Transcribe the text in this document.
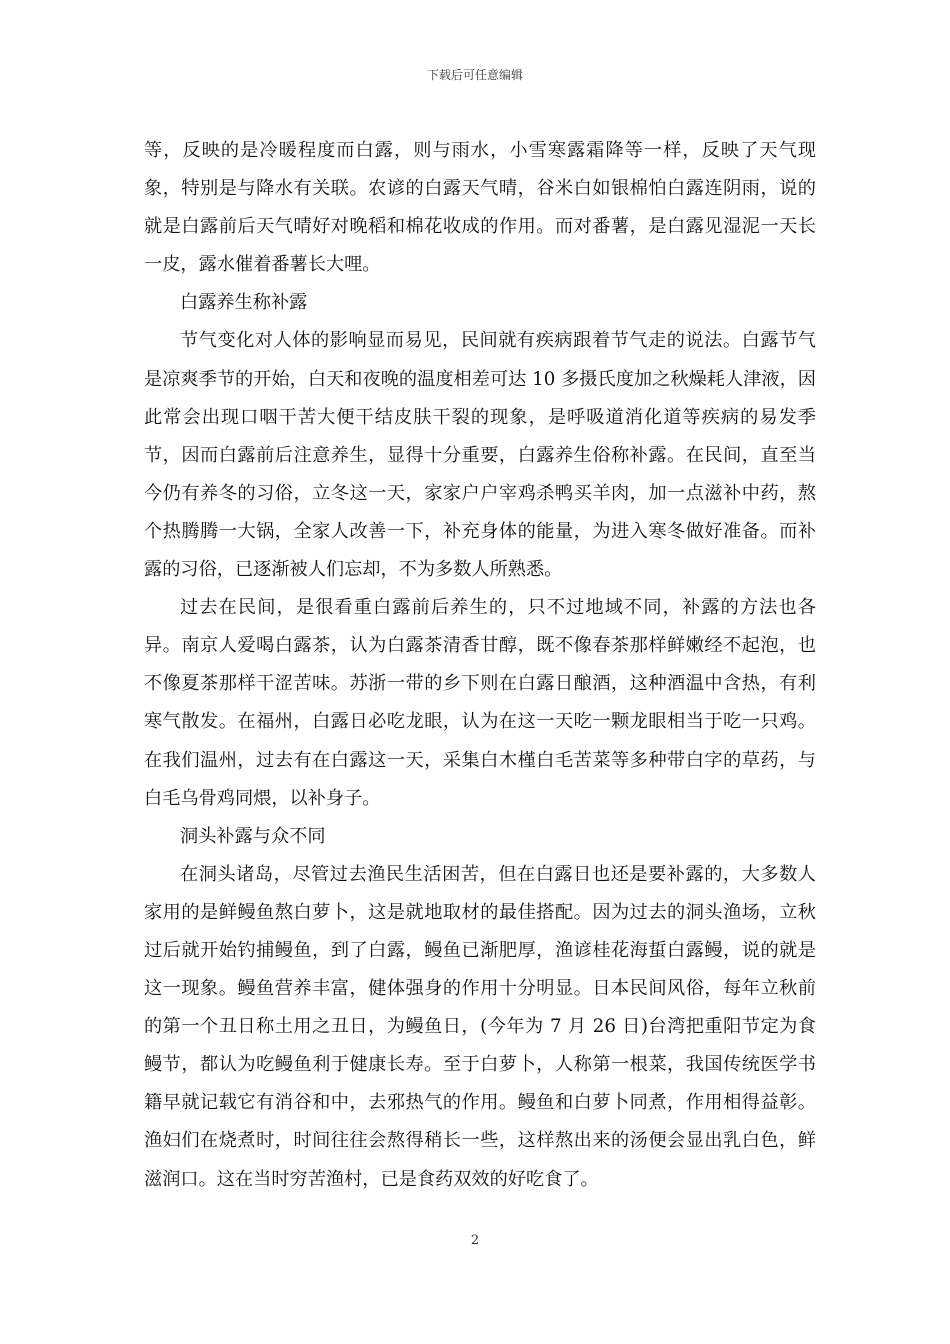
下载后可任意编辑

等，反映的是冷暖程度而白露，则与雨水，小雪寒露霜降等一样，反映了天气现象，特别是与降水有关联。农谚的白露天气晴，谷米白如银棉怕白露连阴雨，说的就是白露前后天气晴好对晚稻和棉花收成的作用。而对番薯，是白露见湿泥一天长一皮，露水催着番薯长大哩。

白露养生称补露

节气变化对人体的影响显而易见，民间就有疾病跟着节气走的说法。白露节气是凉爽季节的开始，白天和夜晚的温度相差可达 10 多摄氏度加之秋燥耗人津液，因此常会出现口咽干苦大便干结皮肤干裂的现象，是呼吸道消化道等疾病的易发季节，因而白露前后注意养生，显得十分重要，白露养生俗称补露。在民间，直至当今仍有养冬的习俗，立冬这一天，家家户户宰鸡杀鸭买羊肉，加一点滋补中药，熬个热腾腾一大锅，全家人改善一下，补充身体的能量，为进入寒冬做好准备。而补露的习俗，已逐渐被人们忘却，不为多数人所熟悉。

过去在民间，是很看重白露前后养生的，只不过地域不同，补露的方法也各异。南京人爱喝白露茶，认为白露茶清香甘醇，既不像春茶那样鲜嫩经不起泡，也不像夏茶那样干涩苦味。苏浙一带的乡下则在白露日酿酒，这种酒温中含热，有利寒气散发。在福州，白露日必吃龙眼，认为在这一天吃一颗龙眼相当于吃一只鸡。在我们温州，过去有在白露这一天，采集白木槿白毛苦菜等多种带白字的草药，与白毛乌骨鸡同煨，以补身子。

洞头补露与众不同

在洞头诸岛，尽管过去渔民生活困苦，但在白露日也还是要补露的，大多数人家用的是鲜鳗鱼熬白萝卜，这是就地取材的最佳搭配。因为过去的洞头渔场，立秋过后就开始钓捕鳗鱼，到了白露，鳗鱼已渐肥厚，渔谚桂花海蜇白露鳗，说的就是这一现象。鳗鱼营养丰富，健体强身的作用十分明显。日本民间风俗，每年立秋前的第一个丑日称土用之丑日，为鳗鱼日，(今年为 7 月 26 日)台湾把重阳节定为食鳗节，都认为吃鳗鱼利于健康长寿。至于白萝卜，人称第一根菜，我国传统医学书籍早就记载它有消谷和中，去邪热气的作用。鳗鱼和白萝卜同煮，作用相得益彰。渔妇们在烧煮时，时间往往会熬得稍长一些，这样熬出来的汤便会显出乳白色，鲜滋润口。这在当时穷苦渔村，已是食药双效的好吃食了。

2
